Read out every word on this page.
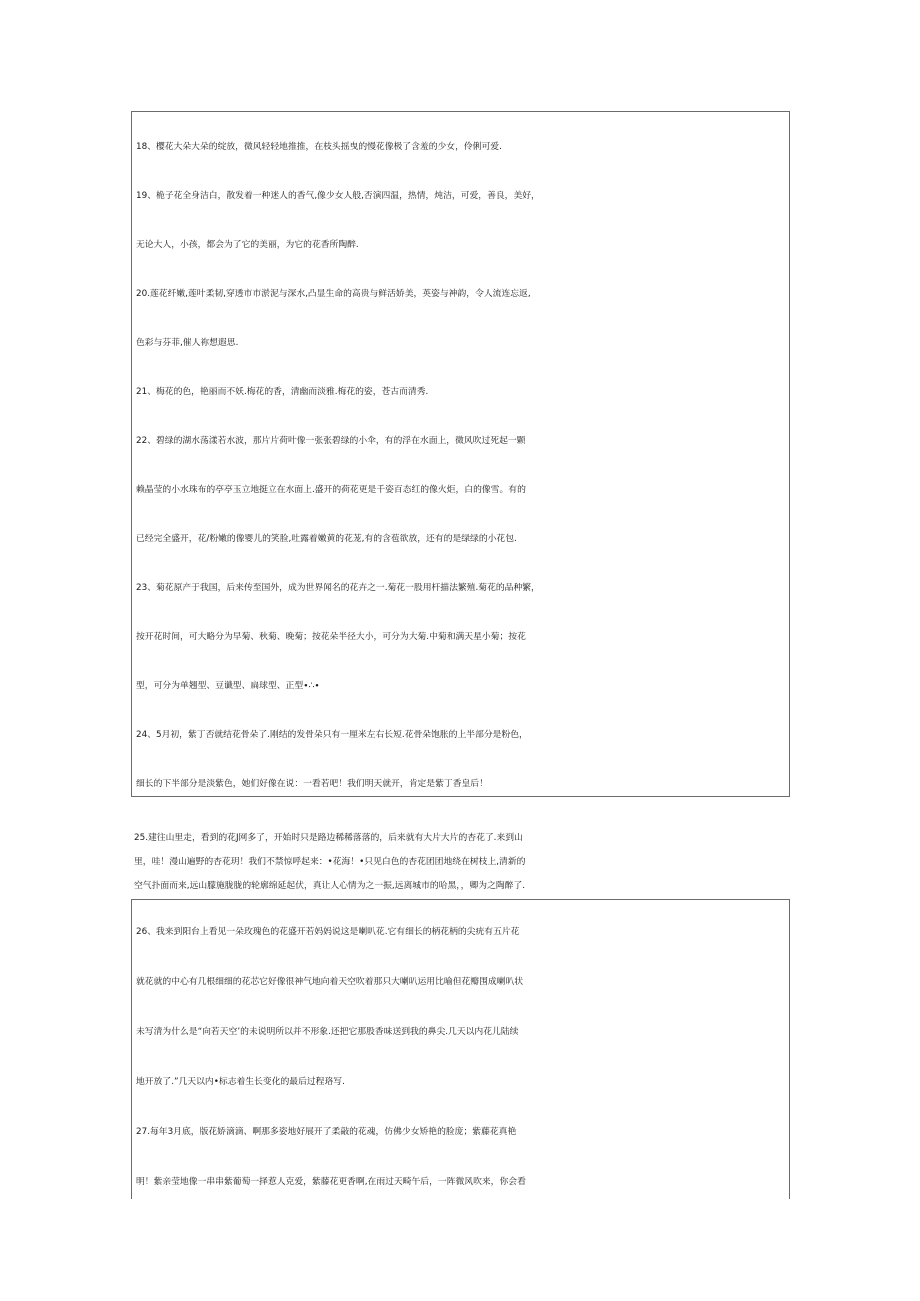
18、樱花大朵大朵的绽放，微风轻轻地推推，在枝头摇曳的慢花像极了含羞的少女，伶俐可爱.
19、桅子花全身洁白，散发着一种迷人的香气,像少女人般,否演四温，热情，炖洁，可爱，善良，美好，
无论大人，小孩，都会为了它的美丽，为它的花香所陶醉.
20.莲花纤嫩,莲叶柔韧,穿透市市淤泥与深水,凸显生命的高贵与鲜活娇美，英姿与神韵，令人流连忘返,
色彩与芬菲,催人祢想遐思.
21、梅花的色，艳丽而不妖.梅花的香，清幽而淡雅.梅花的姿，苍古而清秀.
22、碧绿的湖水荡漾若水波，那片片荷叶像一张张碧绿的小伞，有的浮在水面上，微风吹过死起一颗
赖晶莹的小水珠布的亭亭玉立地挺立在水面上.盛开的荷花更是千姿百态红的像火炬，白的像雪。有的
已经完全盛开，花/粉嫩的像婴儿的笑脸,吐露着嫩黄的花茏,有的含苞欲放，还有的是绿绿的小花包.
23、菊花原产于我国，后来传至国外，成为世界闻名的花卉之一.菊花一股用杆描法繁殖.菊花的品种繁，
按开花时间，可大略分为早菊、秋菊、晚菊；按花朵半径大小，可分为大菊.中菊和满天星小菊；按花
型，可分为单翘型、豆谶型、扁球型、正型∙∴∙
24、5月初，紫丁否就结花骨朵了.刚结的发骨朵只有一厘米左右长短.花骨朵饱胀的上半部分是粉色，
细长的下半部分是淡紫色，她们好像在说：一看若吧！我们明天就开，肯定是紫丁香皇后！
25.建往山里走，看到的花J网多了，开始时只是路边稀稀落落的，后来就有大片大片的杏花了.来到山
里，哇！漫山遍野的杏花玥！我们不禁惊呼起来：•花海！•只见白色的杏花团团地绕在树枝上,清新的
空气扑面而来,远山朦施胧胧的轮廓绵延起伏，真让人心情为之一振,远离城市的哈黑，，卿为之陶醉了.
26、我来到阳台上看见一朵玫瑰色的花盛开若妈妈说这是喇叭花.它有细长的柄花柄的尖疣有五片花
就花就的中心有几根细细的花芯它好像很神气地向着天空吹着那只大喇叭运用比喻但花瓣围成喇叭状
未写清为什么是“向若天空’的未说明所以并不形象.还把它那股香味送到我的鼻尖.几天以内花儿陆续
地开放了.”几天以内•标志着生长变化的最后过程珞写.
27.每年3月底，版花娇滴滴、啊那多姿地好展开了柔敲的花魂，仿佛少女矫艳的脸庞；紫藤花真艳
明！紫亲莹地像一串串紫葡萄一择惹人克爱，紫藤花更香啊,在雨过天畸午后，一阵微风吹来，你会看
